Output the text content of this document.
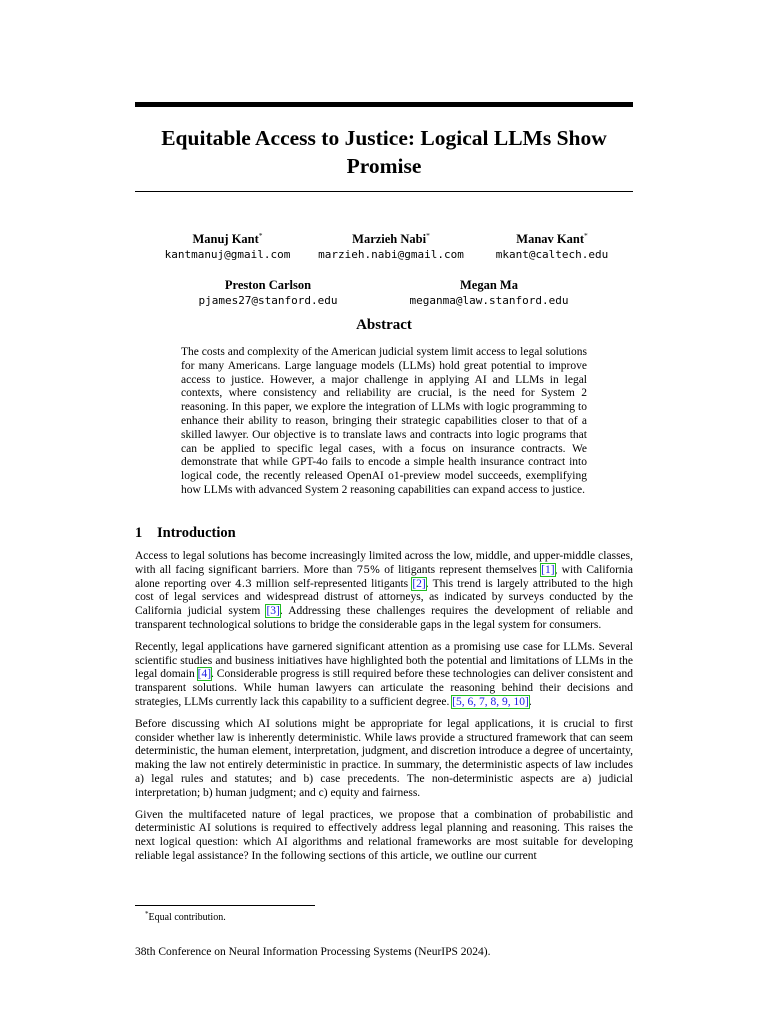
Equitable Access to Justice: Logical LLMs Show Promise
Manuj Kant*
kantmanuj@gmail.com
Marzieh Nabi*
marzieh.nabi@gmail.com
Manav Kant*
mkant@caltech.edu
Preston Carlson
pjames27@stanford.edu
Megan Ma
meganma@law.stanford.edu
Abstract
The costs and complexity of the American judicial system limit access to legal solutions for many Americans. Large language models (LLMs) hold great potential to improve access to justice. However, a major challenge in applying AI and LLMs in legal contexts, where consistency and reliability are crucial, is the need for System 2 reasoning. In this paper, we explore the integration of LLMs with logic programming to enhance their ability to reason, bringing their strategic capabilities closer to that of a skilled lawyer. Our objective is to translate laws and contracts into logic programs that can be applied to specific legal cases, with a focus on insurance contracts. We demonstrate that while GPT-4o fails to encode a simple health insurance contract into logical code, the recently released OpenAI o1-preview model succeeds, exemplifying how LLMs with advanced System 2 reasoning capabilities can expand access to justice.
1 Introduction

Access to legal solutions has become increasingly limited across the low, middle, and upper-middle classes, with all facing significant barriers. More than 75% of litigants represent themselves [1], with California alone reporting over 4.3 million self-represented litigants [2]. This trend is largely attributed to the high cost of legal services and widespread distrust of attorneys, as indicated by surveys conducted by the California judicial system [3]. Addressing these challenges requires the development of reliable and transparent technological solutions to bridge the considerable gaps in the legal system for consumers.

Recently, legal applications have garnered significant attention as a promising use case for LLMs. Several scientific studies and business initiatives have highlighted both the potential and limitations of LLMs in the legal domain [4]. Considerable progress is still required before these technologies can deliver consistent and transparent solutions. While human lawyers can articulate the reasoning behind their decisions and strategies, LLMs currently lack this capability to a sufficient degree. [5, 6, 7, 8, 9, 10].

Before discussing which AI solutions might be appropriate for legal applications, it is crucial to first consider whether law is inherently deterministic. While laws provide a structured framework that can seem deterministic, the human element, interpretation, judgment, and discretion introduce a degree of uncertainty, making the law not entirely deterministic in practice. In summary, the deterministic aspects of law includes a) legal rules and statutes; and b) case precedents. The non-deterministic aspects are a) judicial interpretation; b) human judgment; and c) equity and fairness.

Given the multifaceted nature of legal practices, we propose that a combination of probabilistic and deterministic AI solutions is required to effectively address legal planning and reasoning. This raises the next logical question: which AI algorithms and relational frameworks are most suitable for developing reliable legal assistance? In the following sections of this article, we outline our current

*Equal contribution.
38th Conference on Neural Information Processing Systems (NeurIPS 2024).
